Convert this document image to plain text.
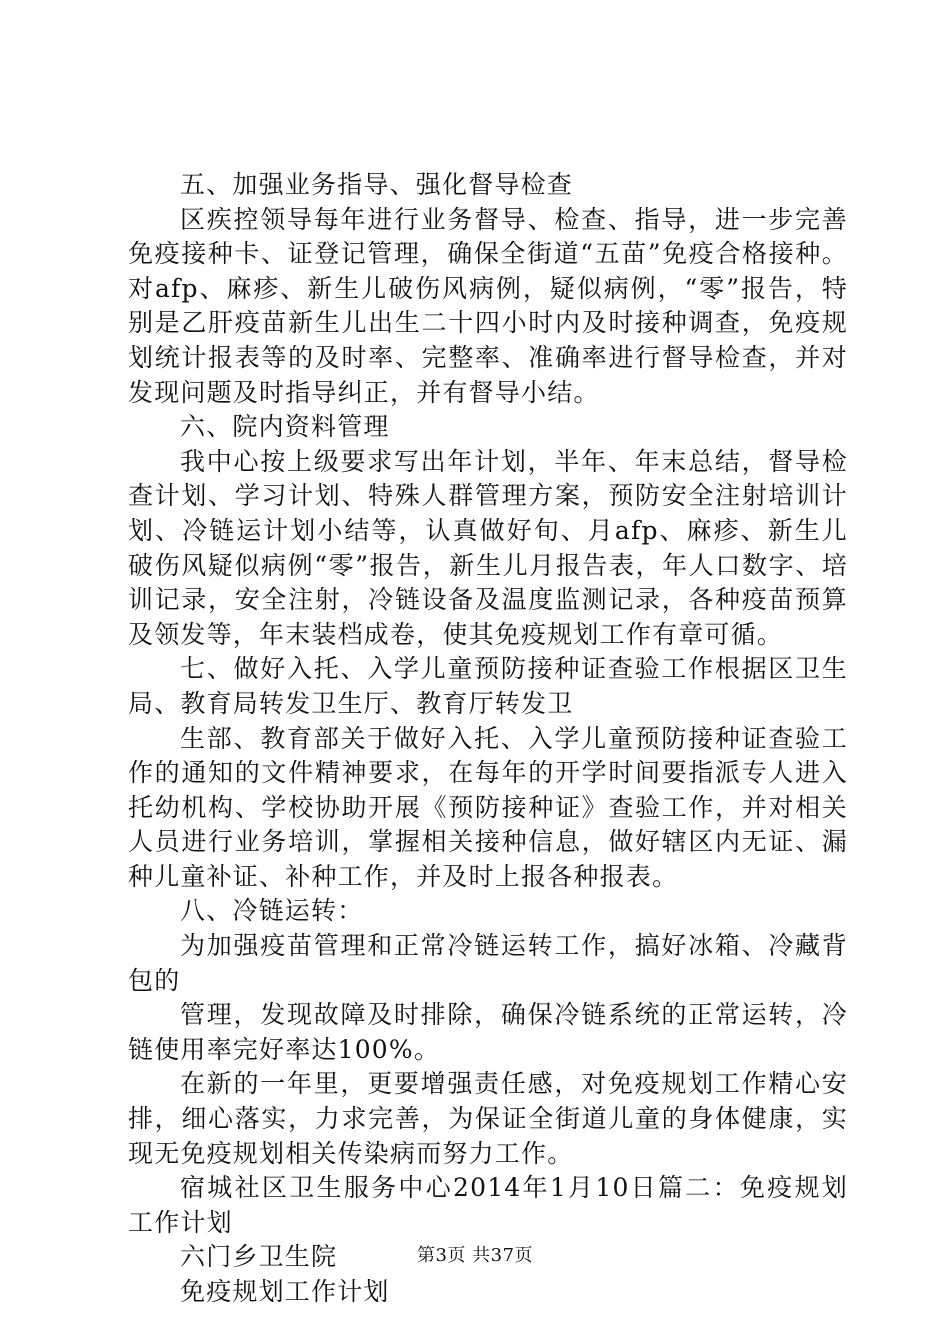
五、加强业务指导、强化督导检查

区疾控领导每年进行业务督导、检查、指导，进一步完善免疫接种卡、证登记管理，确保全街道“五苗”免疫合格接种。对afp、麻疹、新生儿破伤风病例，疑似病例，“零”报告，特别是乙肝疫苗新生儿出生二十四小时内及时接种调查，免疫规划统计报表等的及时率、完整率、准确率进行督导检查，并对发现问题及时指导纠正，并有督导小结。

六、院内资料管理

我中心按上级要求写出年计划，半年、年末总结，督导检查计划、学习计划、特殊人群管理方案，预防安全注射培训计划、冷链运计划小结等，认真做好旬、月afp、麻疹、新生儿破伤风疑似病例“零”报告，新生儿月报告表，年人口数字、培训记录，安全注射，冷链设备及温度监测记录，各种疫苗预算及领发等，年末装档成卷，使其免疫规划工作有章可循。

七、做好入托、入学儿童预防接种证查验工作根据区卫生局、教育局转发卫生厅、教育厅转发卫

生部、教育部关于做好入托、入学儿童预防接种证查验工作的通知的文件精神要求，在每年的开学时间要指派专人进入托幼机构、学校协助开展《预防接种证》查验工作，并对相关人员进行业务培训，掌握相关接种信息，做好辖区内无证、漏种儿童补证、补种工作，并及时上报各种报表。

八、冷链运转：

为加强疫苗管理和正常冷链运转工作，搞好冰箱、冷藏背包的

管理，发现故障及时排除，确保冷链系统的正常运转，冷链使用率完好率达100%。

在新的一年里，更要增强责任感，对免疫规划工作精心安排，细心落实，力求完善，为保证全街道儿童的身体健康，实现无免疫规划相关传染病而努力工作。

宿城社区卫生服务中心2014年1月10日篇二：免疫规划工作计划

六门乡卫生院

免疫规划工作计划

第3页 共37页
